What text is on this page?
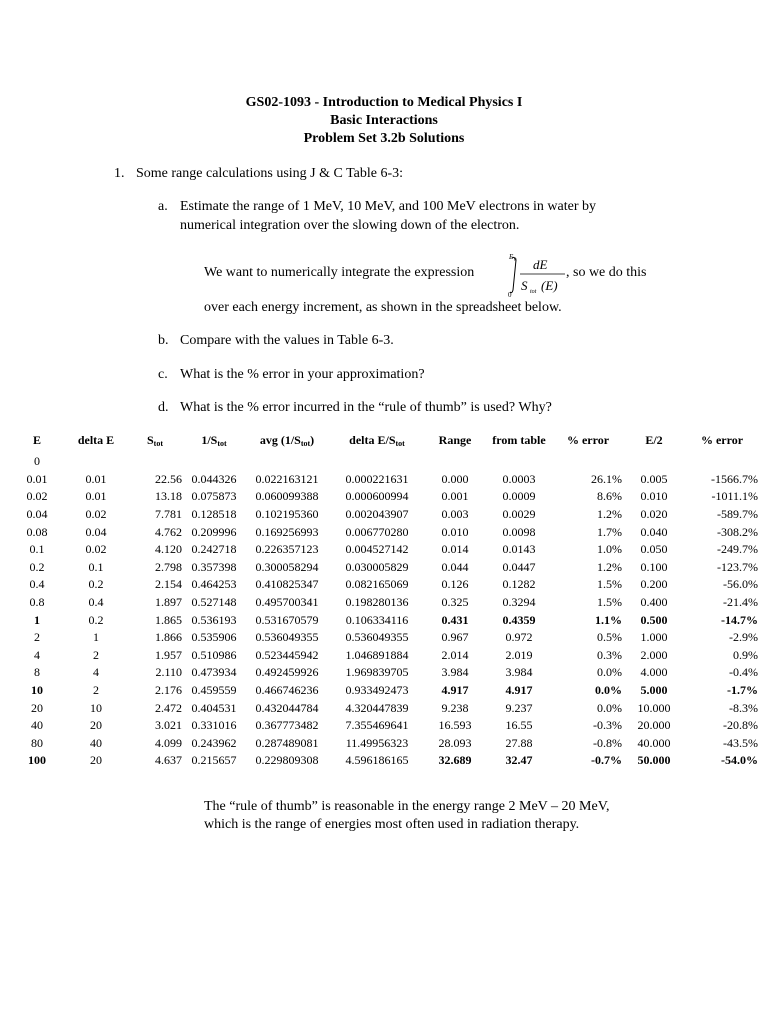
GS02-1093 - Introduction to Medical Physics I
Basic Interactions
Problem Set 3.2b Solutions
1. Some range calculations using J & C Table 6-3:
a. Estimate the range of 1 MeV, 10 MeV, and 100 MeV electrons in water by
numerical integration over the slowing down of the electron.
We want to numerically integrate the expression
E 0
0
dE
S tot (E)
, so we do this
over each energy increment, as shown in the spreadsheet below.
b. Compare with the values in Table 6-3.
c. What is the % error in your approximation?
d. What is the % error incurred in the “rule of thumb” is used? Why?
E	delta E	$S_{tot}$	$1/S_{tot}$	avg $(1/S_{tot})$	delta $E/S_{tot}$	Range	from table	% error	E/2	% error
0										
0.01	0.01	22.56	0.044326	0.022163121	0.000221631	0.000	0.0003	26.1%	0.005	-1566.7%
0.02	0.01	13.18	0.075873	0.060099388	0.000600994	0.001	0.0009	8.6%	0.010	-1011.1%
0.04	0.02	7.781	0.128518	0.102195360	0.002043907	0.003	0.0029	1.2%	0.020	-589.7%
0.08	0.04	4.762	0.209996	0.169256993	0.006770280	0.010	0.0098	1.7%	0.040	-308.2%
0.1	0.02	4.120	0.242718	0.226357123	0.004527142	0.014	0.0143	1.0%	0.050	-249.7%
0.2	0.1	2.798	0.357398	0.300058294	0.030005829	0.044	0.0447	1.2%	0.100	-123.7%
0.4	0.2	2.154	0.464253	0.410825347	0.082165069	0.126	0.1282	1.5%	0.200	-56.0%
0.8	0.4	1.897	0.527148	0.495700341	0.198280136	0.325	0.3294	1.5%	0.400	-21.4%
1	0.2	1.865	0.536193	0.531670579	0.106334116	0.431	0.4359	1.1%	0.500	-14.7%
2	1	1.866	0.535906	0.536049355	0.536049355	0.967	0.972	0.5%	1.000	-2.9%
4	2	1.957	0.510986	0.523445942	1.046891884	2.014	2.019	0.3%	2.000	0.9%
8	4	2.110	0.473934	0.492459926	1.969839705	3.984	3.984	0.0%	4.000	-0.4%
10	2	2.176	0.459559	0.466746236	0.933492473	4.917	4.917	0.0%	5.000	-1.7%
20	10	2.472	0.404531	0.432044784	4.320447839	9.238	9.237	0.0%	10.000	-8.3%
40	20	3.021	0.331016	0.367773482	7.355469641	16.593	16.55	-0.3%	20.000	-20.8%
80	40	4.099	0.243962	0.287489081	11.49956323	28.093	27.88	-0.8%	40.000	-43.5%
100	20	4.637	0.215657	0.229809308	4.596186165	32.689	32.47	-0.7%	50.000	-54.0%
The “rule of thumb” is reasonable in the energy range 2 MeV – 20 MeV,
which is the range of energies most often used in radiation therapy.
